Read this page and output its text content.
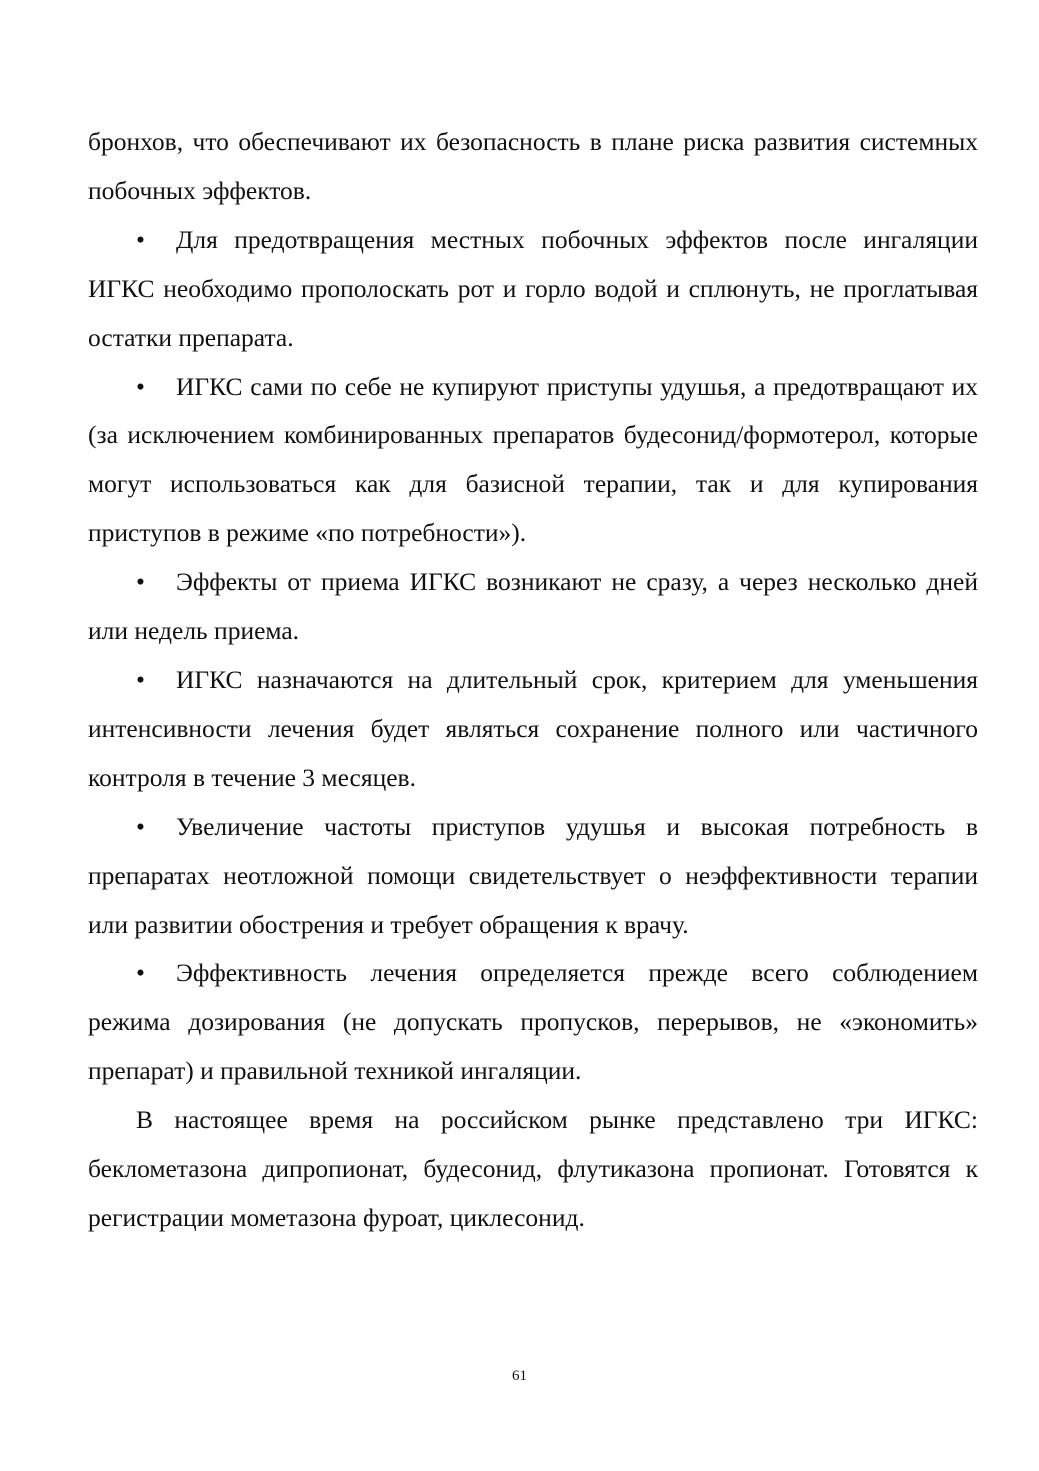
бронхов, что обеспечивают их безопасность в плане риска развития системных побочных эффектов.

• Для предотвращения местных побочных эффектов после ингаляции ИГКС необходимо прополоскать рот и горло водой и сплюнуть, не проглатывая остатки препарата.

• ИГКС сами по себе не купируют приступы удушья, а предотвращают их (за исключением комбинированных препаратов будесонид/формотерол, которые могут использоваться как для базисной терапии, так и для купирования приступов в режиме «по потребности»).

• Эффекты от приема ИГКС возникают не сразу, а через несколько дней или недель приема.

• ИГКС назначаются на длительный срок, критерием для уменьшения интенсивности лечения будет являться сохранение полного или частичного контроля в течение 3 месяцев.

• Увеличение частоты приступов удушья и высокая потребность в препаратах неотложной помощи свидетельствует о неэффективности терапии или развитии обострения и требует обращения к врачу.

• Эффективность лечения определяется прежде всего соблюдением режима дозирования (не допускать пропусков, перерывов, не «экономить» препарат) и правильной техникой ингаляции.

В настоящее время на российском рынке представлено три ИГКС: беклометазона дипропионат, будесонид, флутиказона пропионат. Готовятся к регистрации мометазона фуроат, циклесонид.

61
